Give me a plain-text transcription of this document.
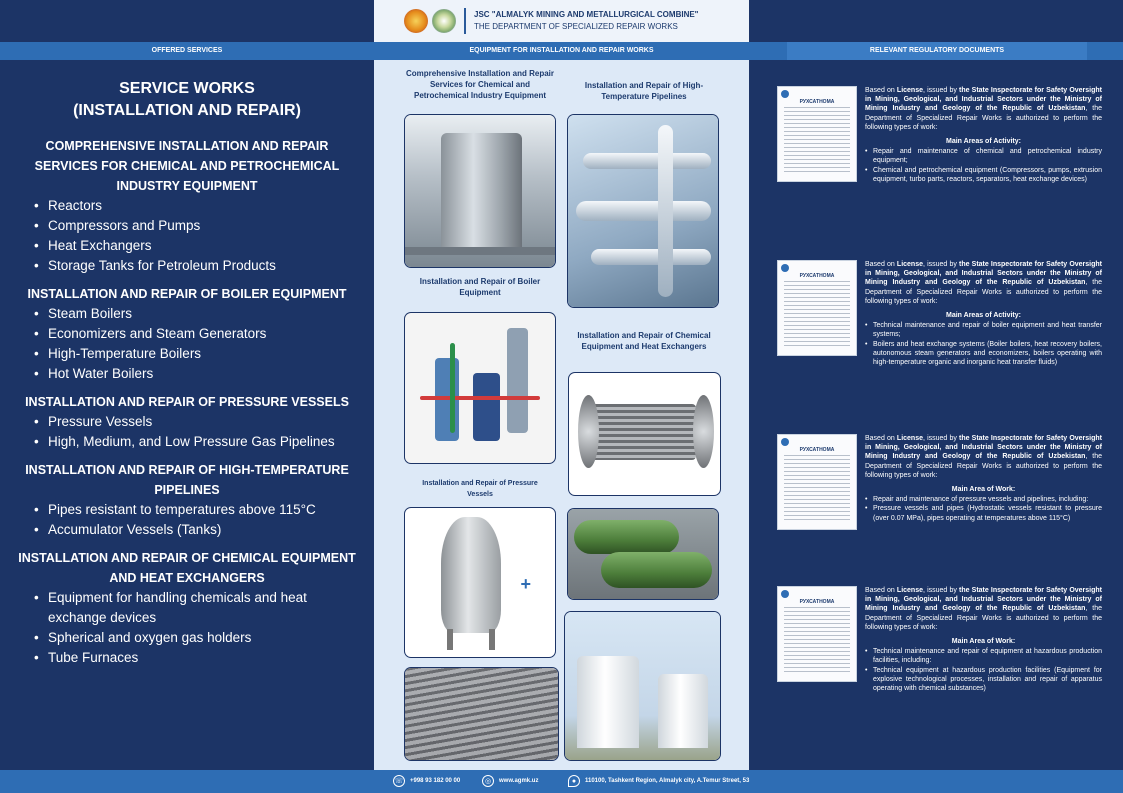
JSC "ALMALYK MINING AND METALLURGICAL COMBINE"
THE DEPARTMENT OF SPECIALIZED REPAIR WORKS
OFFERED SERVICES	EQUIPMENT FOR INSTALLATION AND REPAIR WORKS	RELEVANT REGULATORY DOCUMENTS
SERVICE WORKS
(INSTALLATION AND REPAIR)
COMPREHENSIVE INSTALLATION AND REPAIR SERVICES FOR CHEMICAL AND PETROCHEMICAL INDUSTRY EQUIPMENT
• Reactors
• Compressors and Pumps
• Heat Exchangers
• Storage Tanks for Petroleum Products
INSTALLATION AND REPAIR OF BOILER EQUIPMENT
• Steam Boilers
• Economizers and Steam Generators
• High-Temperature Boilers
• Hot Water Boilers
INSTALLATION AND REPAIR OF PRESSURE VESSELS
• Pressure Vessels
• High, Medium, and Low Pressure Gas Pipelines
INSTALLATION AND REPAIR OF HIGH-TEMPERATURE PIPELINES
• Pipes resistant to temperatures above 115°C
• Accumulator Vessels (Tanks)
INSTALLATION AND REPAIR OF CHEMICAL EQUIPMENT AND HEAT EXCHANGERS
• Equipment for handling chemicals and heat exchange devices
• Spherical and oxygen gas holders
• Tube Furnaces
Comprehensive Installation and Repair Services for Chemical and Petrochemical Industry Equipment
Installation and Repair of High-Temperature Pipelines
Installation and Repair of Boiler Equipment
Installation and Repair of Chemical Equipment and Heat Exchangers
Installation and Repair of Pressure Vessels
+
РУХСАТНОМА

Based on License, issued by the State Inspectorate for Safety Oversight in Mining, Geological, and Industrial Sectors under the Ministry of Mining Industry and Geology of the Republic of Uzbekistan, the Department of Specialized Repair Works is authorized to perform the following types of work:

Main Areas of Activity:
• Repair and maintenance of chemical and petrochemical industry equipment;
• Chemical and petrochemical equipment (Compressors, pumps, extrusion equipment, turbo parts, reactors, separators, heat exchange devices)
РУХСАТНОМА

Based on License, issued by the State Inspectorate for Safety Oversight in Mining, Geological, and Industrial Sectors under the Ministry of Mining Industry and Geology of the Republic of Uzbekistan, the Department of Specialized Repair Works is authorized to perform the following types of work:

Main Areas of Activity:
• Technical maintenance and repair of boiler equipment and heat transfer systems;
• Boilers and heat exchange systems (Boiler boilers, heat recovery boilers, autonomous steam generators and economizers, boilers operating with high-temperature organic and inorganic heat transfer fluids)
РУХСАТНОМА

Based on License, issued by the State Inspectorate for Safety Oversight in Mining, Geological, and Industrial Sectors under the Ministry of Mining Industry and Geology of the Republic of Uzbekistan, the Department of Specialized Repair Works is authorized to perform the following types of work:

Main Area of Work:
• Repair and maintenance of pressure vessels and pipelines, including:
• Pressure vessels and pipes (Hydrostatic vessels resistant to pressure (over 0.07 MPa), pipes operating at temperatures above 115°C)
РУХСАТНОМА

Based on License, issued by the State Inspectorate for Safety Oversight in Mining, Geological, and Industrial Sectors under the Ministry of Mining Industry and Geology of the Republic of Uzbekistan, the Department of Specialized Repair Works is authorized to perform the following types of work:

Main Area of Work:
• Technical maintenance and repair of equipment at hazardous production facilities, including:
• Technical equipment at hazardous production facilities (Equipment for explosive technological processes, installation and repair of apparatus operating with chemical substances)
☏ +998 93 182 00 00	◎	www.agmk.uz	●	110100, Tashkent Region, Almalyk city, A.Temur Street, 53
